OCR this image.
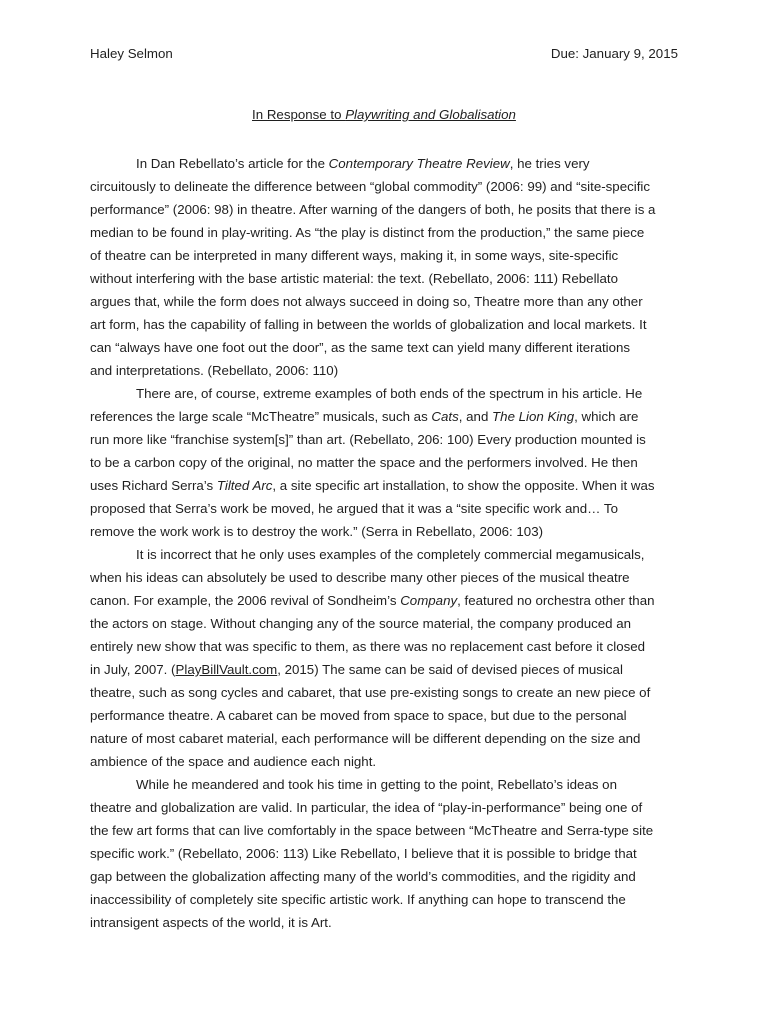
Haley Selmon	Due: January 9, 2015
In Response to Playwriting and Globalisation
In Dan Rebellato’s article for the Contemporary Theatre Review, he tries very
circuitously to delineate the difference between “global commodity” (2006: 99) and “site-specific
performance” (2006: 98) in theatre. After warning of the dangers of both, he posits that there is a
median to be found in play-writing. As “the play is distinct from the production,” the same piece
of theatre can be interpreted in many different ways, making it, in some ways, site-specific
without interfering with the base artistic material: the text. (Rebellato, 2006: 111) Rebellato
argues that, while the form does not always succeed in doing so, Theatre more than any other
art form, has the capability of falling in between the worlds of globalization and local markets. It
can “always have one foot out the door”, as the same text can yield many different iterations
and interpretations. (Rebellato, 2006: 110)
There are, of course, extreme examples of both ends of the spectrum in his article. He
references the large scale “McTheatre” musicals, such as Cats, and The Lion King, which are
run more like “franchise system[s]” than art. (Rebellato, 206: 100) Every production mounted is
to be a carbon copy of the original, no matter the space and the performers involved. He then
uses Richard Serra’s Tilted Arc, a site specific art installation, to show the opposite. When it was
proposed that Serra’s work be moved, he argued that it was a “site specific work and… To
remove the work work is to destroy the work.” (Serra in Rebellato, 2006: 103)
It is incorrect that he only uses examples of the completely commercial megamusicals,
when his ideas can absolutely be used to describe many other pieces of the musical theatre
canon. For example, the 2006 revival of Sondheim’s Company, featured no orchestra other than
the actors on stage. Without changing any of the source material, the company produced an
entirely new show that was specific to them, as there was no replacement cast before it closed
in July, 2007. (PlayBillVault.com, 2015) The same can be said of devised pieces of musical
theatre, such as song cycles and cabaret, that use pre-existing songs to create an new piece of
performance theatre. A cabaret can be moved from space to space, but due to the personal
nature of most cabaret material, each performance will be different depending on the size and
ambience of the space and audience each night.
While he meandered and took his time in getting to the point, Rebellato’s ideas on
theatre and globalization are valid. In particular, the idea of “play-in-performance” being one of
the few art forms that can live comfortably in the space between “McTheatre and Serra-type site
specific work.” (Rebellato, 2006: 113) Like Rebellato, I believe that it is possible to bridge that
gap between the globalization affecting many of the world’s commodities, and the rigidity and
inaccessibility of completely site specific artistic work. If anything can hope to transcend the
intransigent aspects of the world, it is Art.
